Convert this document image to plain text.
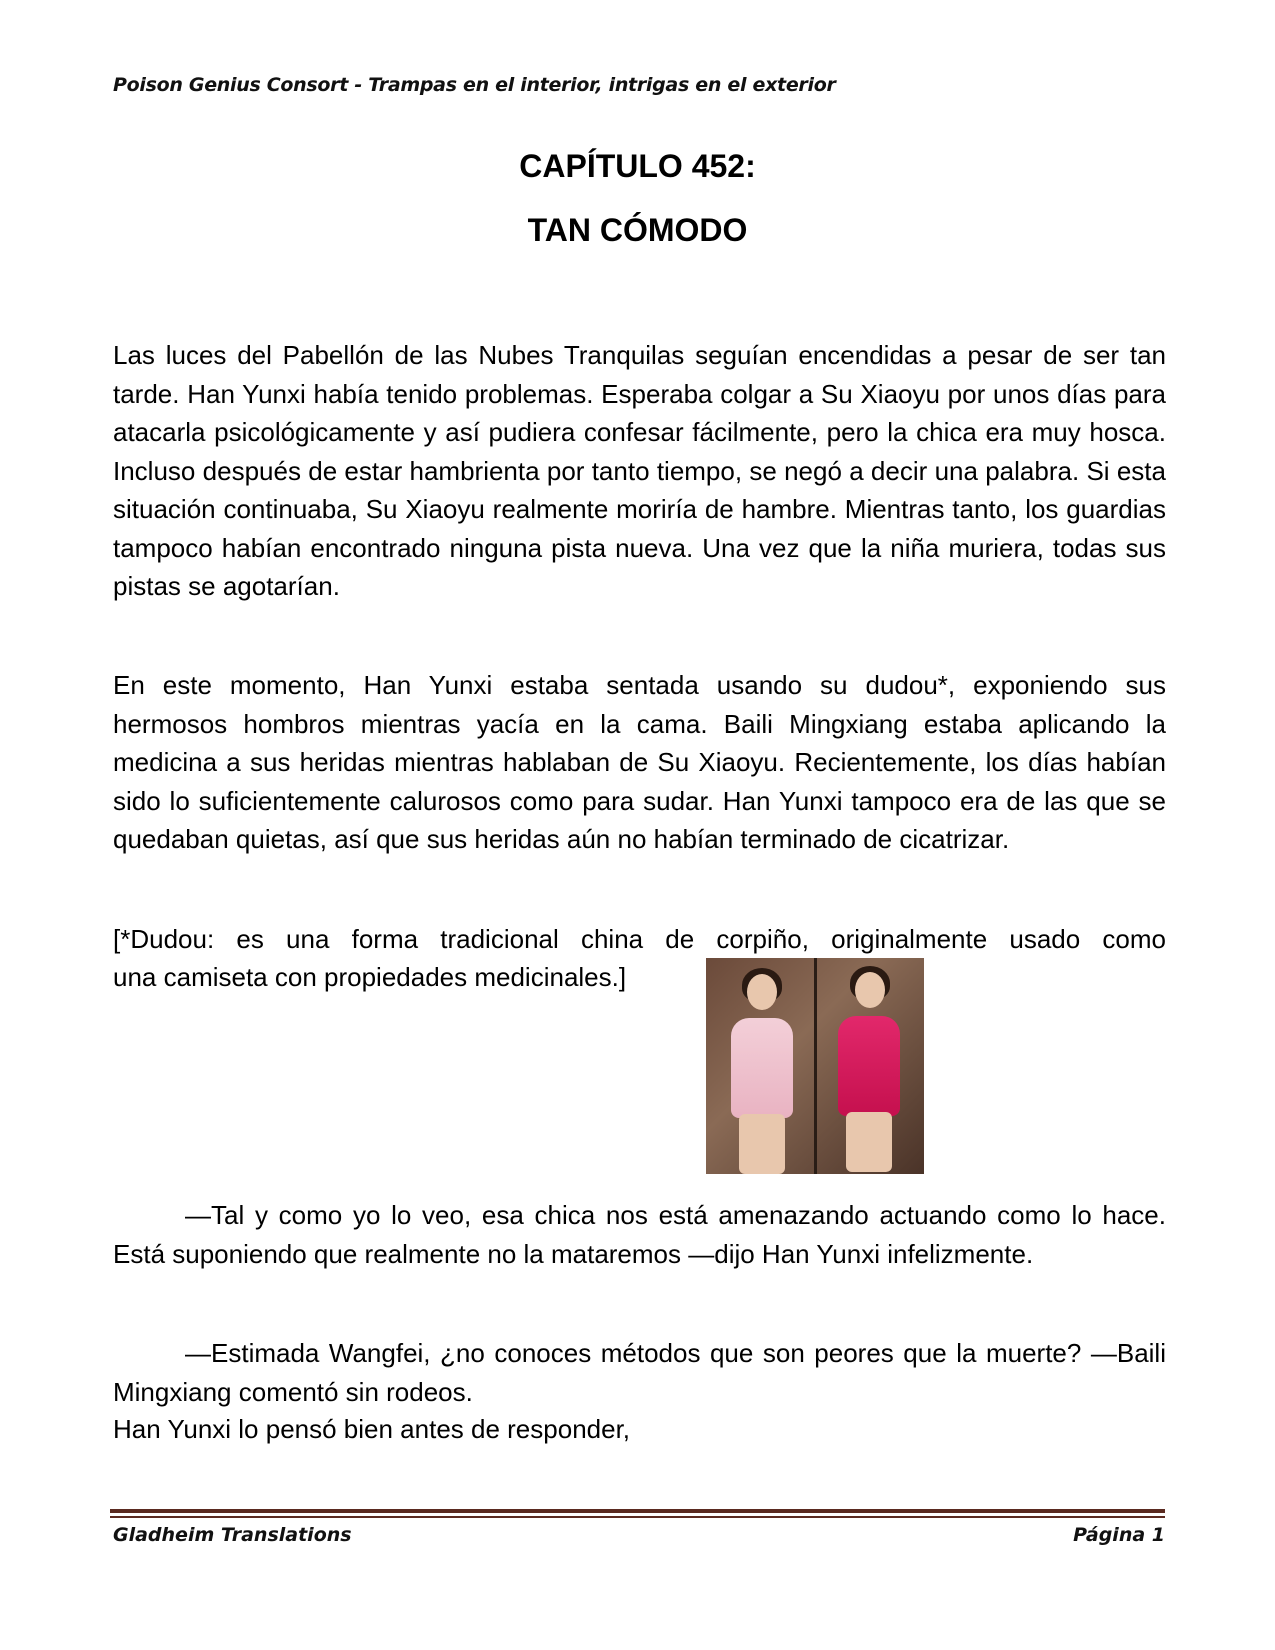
Poison Genius Consort - Trampas en el interior, intrigas en el exterior
CAPÍTULO 452:
TAN CÓMODO

Las luces del Pabellón de las Nubes Tranquilas seguían encendidas a pesar de ser tan tarde. Han Yunxi había tenido problemas. Esperaba colgar a Su Xiaoyu por unos días para atacarla psicológicamente y así pudiera confesar fácilmente, pero la chica era muy hosca. Incluso después de estar hambrienta por tanto tiempo, se negó a decir una palabra. Si esta situación continuaba, Su Xiaoyu realmente moriría de hambre. Mientras tanto, los guardias tampoco habían encontrado ninguna pista nueva. Una vez que la niña muriera, todas sus pistas se agotarían.

En este momento, Han Yunxi estaba sentada usando su dudou*, exponiendo sus hermosos hombros mientras yacía en la cama. Baili Mingxiang estaba aplicando la medicina a sus heridas mientras hablaban de Su Xiaoyu. Recientemente, los días habían sido lo suficientemente calurosos como para sudar. Han Yunxi tampoco era de las que se quedaban quietas, así que sus heridas aún no habían terminado de cicatrizar.

[*Dudou: es una forma tradicional china de corpiño, originalmente usado como

una camiseta con propiedades medicinales.]

—Tal y como yo lo veo, esa chica nos está amenazando actuando como lo hace. Está suponiendo que realmente no la mataremos —dijo Han Yunxi infelizmente.

—Estimada Wangfei, ¿no conoces métodos que son peores que la muerte? —Baili Mingxiang comentó sin rodeos.

Han Yunxi lo pensó bien antes de responder,

Gladheim Translations	Página 1
